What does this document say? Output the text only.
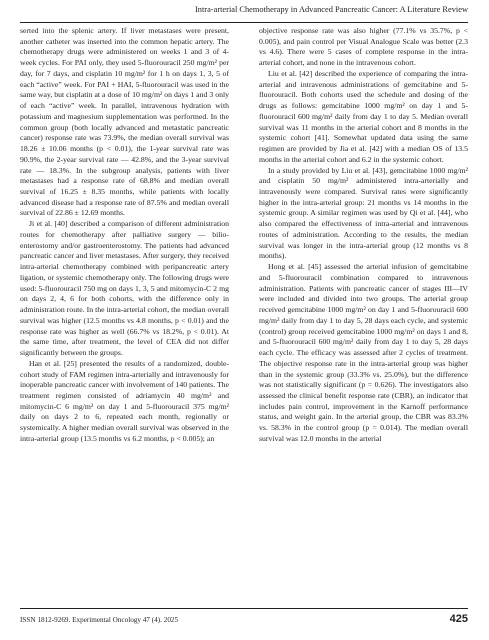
Intra-arterial Chemotherapy in Advanced Pancreatic Cancer: A Literature Review

serted into the splenic artery. If liver metastases were present, another catheter was inserted into the common hepatic artery. The chemotherapy drugs were administered on weeks 1 and 3 of 4-week cycles. For PAI only, they used 5-fluorouracil 250 mg/m² per day, for 7 days, and cisplatin 10 mg/m² for 1 h on days 1, 3, 5 of each “active” week. For PAI + HAI, 5-fluorouracil was used in the same way, but cisplatin at a dose of 10 mg/m² on days 1 and 3 only of each “active” week. In parallel, intravenous hydration with potassium and magnesium supplementation was performed. In the common group (both locally advanced and metastatic pancreatic cancer) response rate was 73.9%, the median overall survival was 18.26 ± 10.06 months (p < 0.01), the 1-year survival rate was 90.9%, the 2-year survival rate — 42.8%, and the 3-year survival rate — 18.3%. In the subgroup analysis, patients with liver metastases had a response rate of 68.8% and median overall survival of 16.25 ± 8.35 months, while patients with locally advanced disease had a response rate of 87.5% and median overall survival of 22.86 ± 12.69 months.

Ji et al. [40] described a comparison of different administration routes for chemotherapy after palliative surgery — bilio-enterostomy and/or gastroenterostomy. The patients had advanced pancreatic cancer and liver metastases. After surgery, they received intra-arterial chemotherapy combined with peripancreatic artery ligation, or systemic chemotherapy only. The following drugs were used: 5-fluorouracil 750 mg on days 1, 3, 5 and mitomycin-C 2 mg on days 2, 4, 6 for both cohorts, with the difference only in administration route. In the intra-arterial cohort, the median overall survival was higher (12.5 months vs 4.8 months, p < 0.01) and the response rate was higher as well (66.7% vs 18.2%, p < 0.01). At the same time, after treatment, the level of CEA did not differ significantly between the groups.

Han et al. [25] presented the results of a randomized, double-cohort study of FAM regimen intra-arterially and intravenously for inoperable pancreatic cancer with involvement of 140 patients. The treatment regimen consisted of adriamycin 40 mg/m² and mitomycin-C 6 mg/m² on day 1 and 5-fluorouracil 375 mg/m² daily on days 2 to 6, repeated each month, regionally or systemically. A higher median overall survival was observed in the intra-arterial group (13.5 months vs 6.2 months, p < 0.005); an

objective response rate was also higher (77.1% vs 35.7%, p < 0.005), and pain control per Visual Analogue Scale was better (2.3 vs 4.6). There were 5 cases of complete response in the intra-arterial cohort, and none in the intravenous cohort.

Liu et al. [42] described the experience of comparing the intra-arterial and intravenous administrations of gemcitabine and 5-fluorouracil. Both cohorts used the schedule and dosing of the drugs as follows: gemcitabine 1000 mg/m² on day 1 and 5-fluorouracil 600 mg/m² daily from day 1 to day 5. Median overall survival was 11 months in the arterial cohort and 8 months in the systemic cohort [41]. Somewhat updated data using the same regimen are provided by Jia et al. [42] with a median OS of 13.5 months in the arterial cohort and 6.2 in the systemic cohort.

In a study provided by Liu et al. [43], gemcitabine 1000 mg/m² and cisplatin 50 mg/m² administered intra-arterially and intravenously were compared. Survival rates were significantly higher in the intra-arterial group: 21 months vs 14 months in the systemic group. A similar regimen was used by Qi et al. [44], who also compared the effectiveness of intra-arterial and intravenous routes of administration. According to the results, the median survival was longer in the intra-arterial group (12 months vs 8 months).

Hong et al. [45] assessed the arterial infusion of gemcitabine and 5-fluorouracil combination compared to intravenous administration. Patients with pancreatic cancer of stages III—IV were included and divided into two groups. The arterial group received gemcitabine 1000 mg/m² on day 1 and 5-fluorouracil 600 mg/m² daily from day 1 to day 5, 28 days each cycle, and systemic (control) group received gemcitabine 1000 mg/m² on days 1 and 8, and 5-fluorouracil 600 mg/m² daily from day 1 to day 5, 28 days each cycle. The efficacy was assessed after 2 cycles of treatment. The objective response rate in the intra-arterial group was higher than in the systemic group (33.3% vs. 25.0%), but the difference was not statistically significant (p = 0.626). The investigators also assessed the clinical benefit response rate (CBR), an indicator that includes pain control, improvement in the Karnoff performance status, and weight gain. In the arterial group, the CBR was 83.3% vs. 58.3% in the control group (p = 0.014). The median overall survival was 12.0 months in the arterial

ISSN 1812-9269. Experimental Oncology 47 (4). 2025	425
